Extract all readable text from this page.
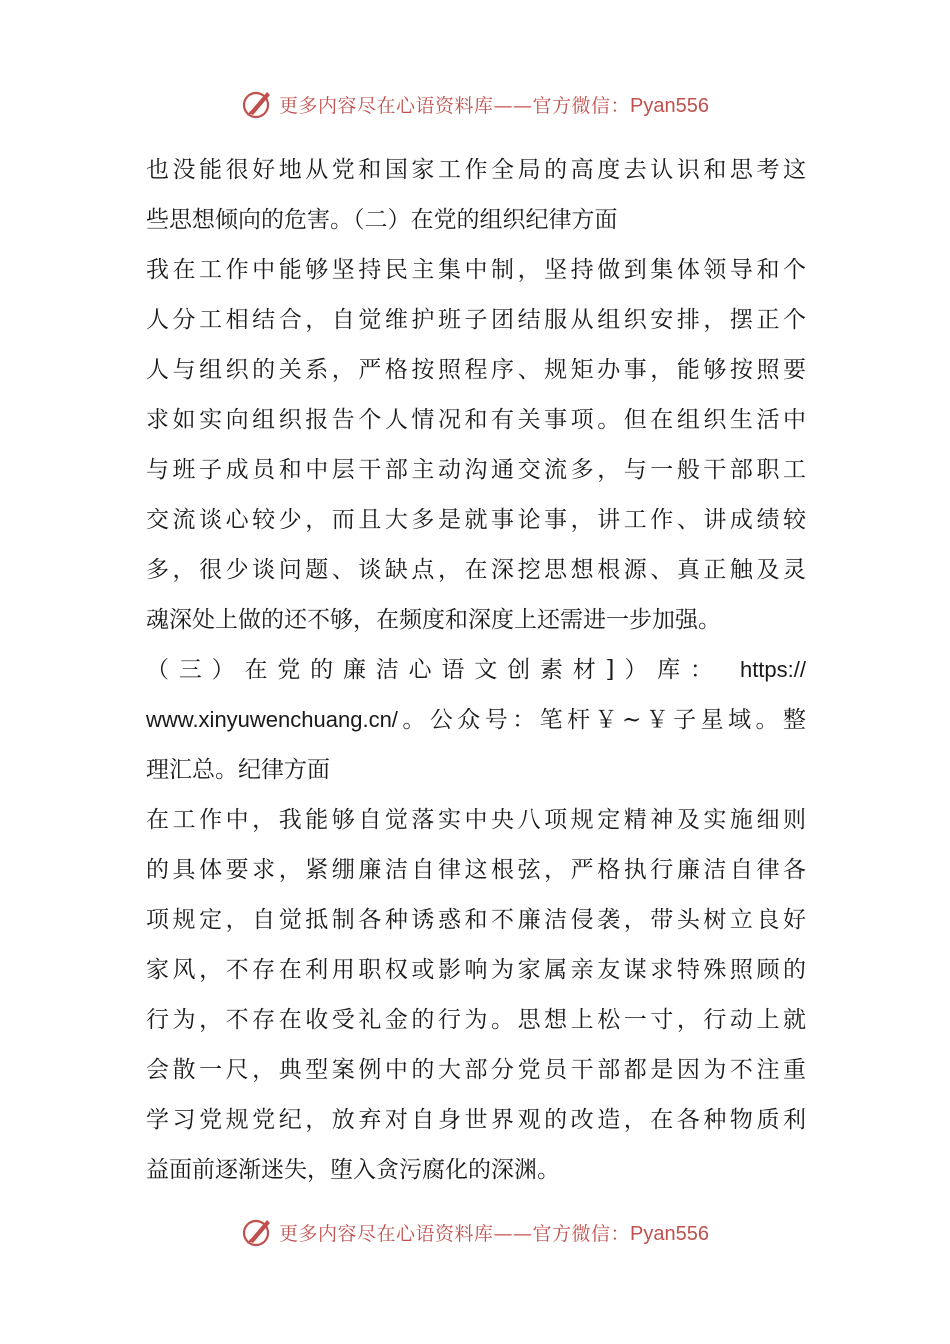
更多内容尽在心语资料库——官方微信：Pyan556
也没能很好地从党和国家工作全局的高度去认识和思考这
些思想倾向的危害。（二）在党的组织纪律方面
我在工作中能够坚持民主集中制，坚持做到集体领导和个
人分工相结合，自觉维护班子团结服从组织安排，摆正个
人与组织的关系，严格按照程序、规矩办事，能够按照要
求如实向组织报告个人情况和有关事项。但在组织生活中
与班子成员和中层干部主动沟通交流多，与一般干部职工
交流谈心较少，而且大多是就事论事，讲工作、讲成绩较
多，很少谈问题、谈缺点，在深挖思想根源、真正触及灵
魂深处上做的还不够，在频度和深度上还需进一步加强。
（三）在党的廉洁心语文创素材]）库： https://
www.xinyuwenchuang.cn/。公众号：笔杆￥~￥子星域。整
理汇总。纪律方面
在工作中，我能够自觉落实中央八项规定精神及实施细则
的具体要求，紧绷廉洁自律这根弦，严格执行廉洁自律各
项规定，自觉抵制各种诱惑和不廉洁侵袭，带头树立良好
家风，不存在利用职权或影响为家属亲友谋求特殊照顾的
行为，不存在收受礼金的行为。思想上松一寸，行动上就
会散一尺，典型案例中的大部分党员干部都是因为不注重
学习党规党纪，放弃对自身世界观的改造，在各种物质利
益面前逐渐迷失，堕入贪污腐化的深渊。
更多内容尽在心语资料库——官方微信：Pyan556
